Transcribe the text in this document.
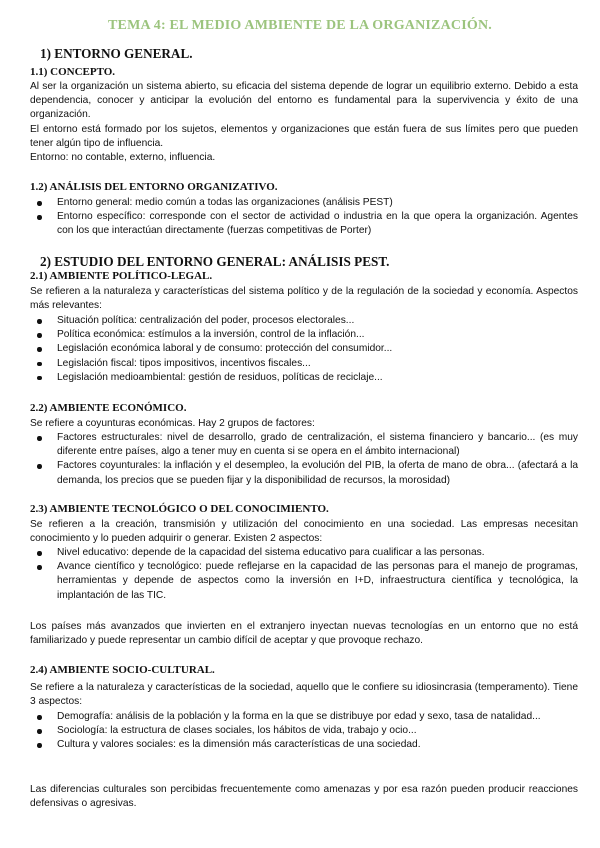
TEMA 4: EL MEDIO AMBIENTE DE LA ORGANIZACIÓN.
1) ENTORNO GENERAL.
1.1) CONCEPTO.
Al ser la organización un sistema abierto, su eficacia del sistema depende de lograr un equilibrio externo. Debido a esta dependencia, conocer y anticipar la evolución del entorno es fundamental para la supervivencia y éxito de una organización.
El entorno está formado por los sujetos, elementos y organizaciones que están fuera de sus límites pero que pueden tener algún tipo de influencia.
Entorno: no contable, externo, influencia.
1.2) ANÁLISIS DEL ENTORNO ORGANIZATIVO.
Entorno general: medio común a todas las organizaciones (análisis PEST)
Entorno específico: corresponde con el sector de actividad o industria en la que opera la organización. Agentes con los que interactúan directamente (fuerzas competitivas de Porter)
2) ESTUDIO DEL ENTORNO GENERAL: ANÁLISIS PEST.
2.1) AMBIENTE POLÍTICO-LEGAL.
Se refieren a la naturaleza y características del sistema político y de la regulación de la sociedad y economía. Aspectos más relevantes:
Situación política: centralización del poder, procesos electorales...
Política económica: estímulos a la inversión, control de la inflación...
Legislación económica laboral y de consumo: protección del consumidor...
Legislación fiscal: tipos impositivos, incentivos fiscales...
Legislación medioambiental: gestión de residuos, políticas de reciclaje...
2.2) AMBIENTE ECONÓMICO.
Se refiere a coyunturas económicas. Hay 2 grupos de factores:
Factores estructurales: nivel de desarrollo, grado de centralización, el sistema financiero y bancario... (es muy diferente entre países, algo a tener muy en cuenta si se opera en el ámbito internacional)
Factores coyunturales: la inflación y el desempleo, la evolución del PIB, la oferta de mano de obra... (afectará a la demanda, los precios que se pueden fijar y la disponibilidad de recursos, la morosidad)
2.3) AMBIENTE TECNOLÓGICO O DEL CONOCIMIENTO.
Se refieren a la creación, transmisión y utilización del conocimiento en una sociedad. Las empresas necesitan conocimiento y lo pueden adquirir o generar. Existen 2 aspectos:
Nivel educativo: depende de la capacidad del sistema educativo para cualificar a las personas.
Avance científico y tecnológico: puede reflejarse en la capacidad de las personas para el manejo de programas, herramientas y depende de aspectos como la inversión en I+D, infraestructura científica y tecnológica, la implantación de las TIC.
Los países más avanzados que invierten en el extranjero inyectan nuevas tecnologías en un entorno que no está familiarizado y puede representar un cambio difícil de aceptar y que provoque rechazo.
2.4) AMBIENTE SOCIO-CULTURAL.
Se refiere a la naturaleza y características de la sociedad, aquello que le confiere su idiosincrasia (temperamento). Tiene 3 aspectos:
Demografía: análisis de la población y la forma en la que se distribuye por edad y sexo, tasa de natalidad...
Sociología: la estructura de clases sociales, los hábitos de vida, trabajo y ocio...
Cultura y valores sociales: es la dimensión más características de una sociedad.
Las diferencias culturales son percibidas frecuentemente como amenazas y por esa razón pueden producir reacciones defensivas o agresivas.
